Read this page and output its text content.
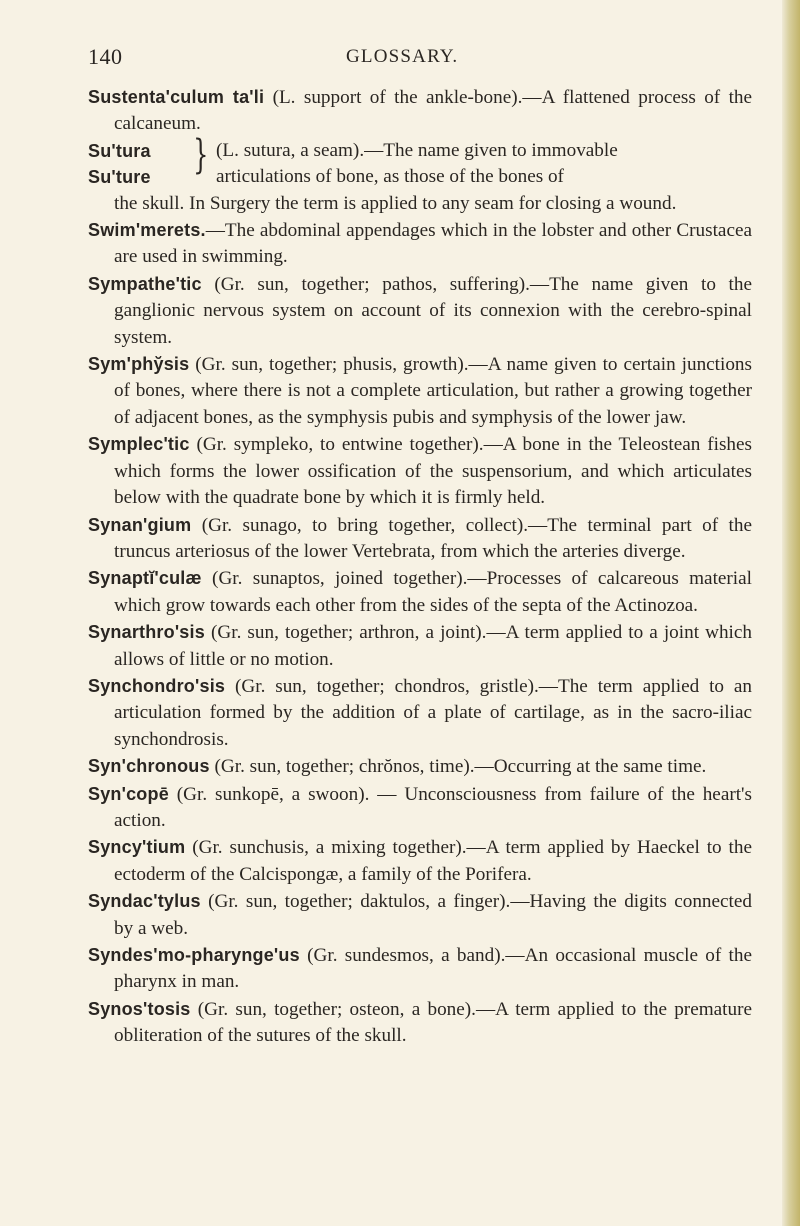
140	GLOSSARY.

Sustenta'culum ta'li (L. support of the ankle-bone).—A flattened process of the calcaneum.

Su'tura
Su'ture	} (L. sutura, a seam).—The name given to immovable
articulations of bone, as those of the bones of
the skull. In Surgery the term is applied to any seam for closing a wound.

Swim'merets.—The abdominal appendages which in the lobster and other Crustacea are used in swimming.

Sympathe'tic (Gr. sun, together; pathos, suffering).—The name given to the ganglionic nervous system on account of its connexion with the cerebro-spinal system.

Sym'phy̆sis (Gr. sun, together; phusis, growth).—A name given to certain junctions of bones, where there is not a complete articulation, but rather a growing together of adjacent bones, as the symphysis pubis and symphysis of the lower jaw.

Symplec'tic (Gr. sympleko, to entwine together).—A bone in the Teleostean fishes which forms the lower ossification of the suspensorium, and which articulates below with the quadrate bone by which it is firmly held.

Synan'gium (Gr. sunago, to bring together, collect).—The terminal part of the truncus arteriosus of the lower Vertebrata, from which the arteries diverge.

Synaptĭ'culæ (Gr. sunaptos, joined together).—Processes of calcareous material which grow towards each other from the sides of the septa of the Actinozoa.

Synarthro'sis (Gr. sun, together; arthron, a joint).—A term applied to a joint which allows of little or no motion.

Synchondro'sis (Gr. sun, together; chondros, gristle).—The term applied to an articulation formed by the addition of a plate of cartilage, as in the sacro-iliac synchondrosis.

Syn'chronous (Gr. sun, together; chrŏnos, time).—Occurring at the same time.

Syn'copē (Gr. sunkopē, a swoon). — Unconsciousness from failure of the heart's action.

Syncy'tium (Gr. sunchusis, a mixing together).—A term applied by Haeckel to the ectoderm of the Calcispongæ, a family of the Porifera.

Syndac'tylus (Gr. sun, together; daktulos, a finger).—Having the digits connected by a web.

Syndes'mo-pharynge'us (Gr. sundesmos, a band).—An occasional muscle of the pharynx in man.

Synos'tosis (Gr. sun, together; osteon, a bone).—A term applied to the premature obliteration of the sutures of the skull.
